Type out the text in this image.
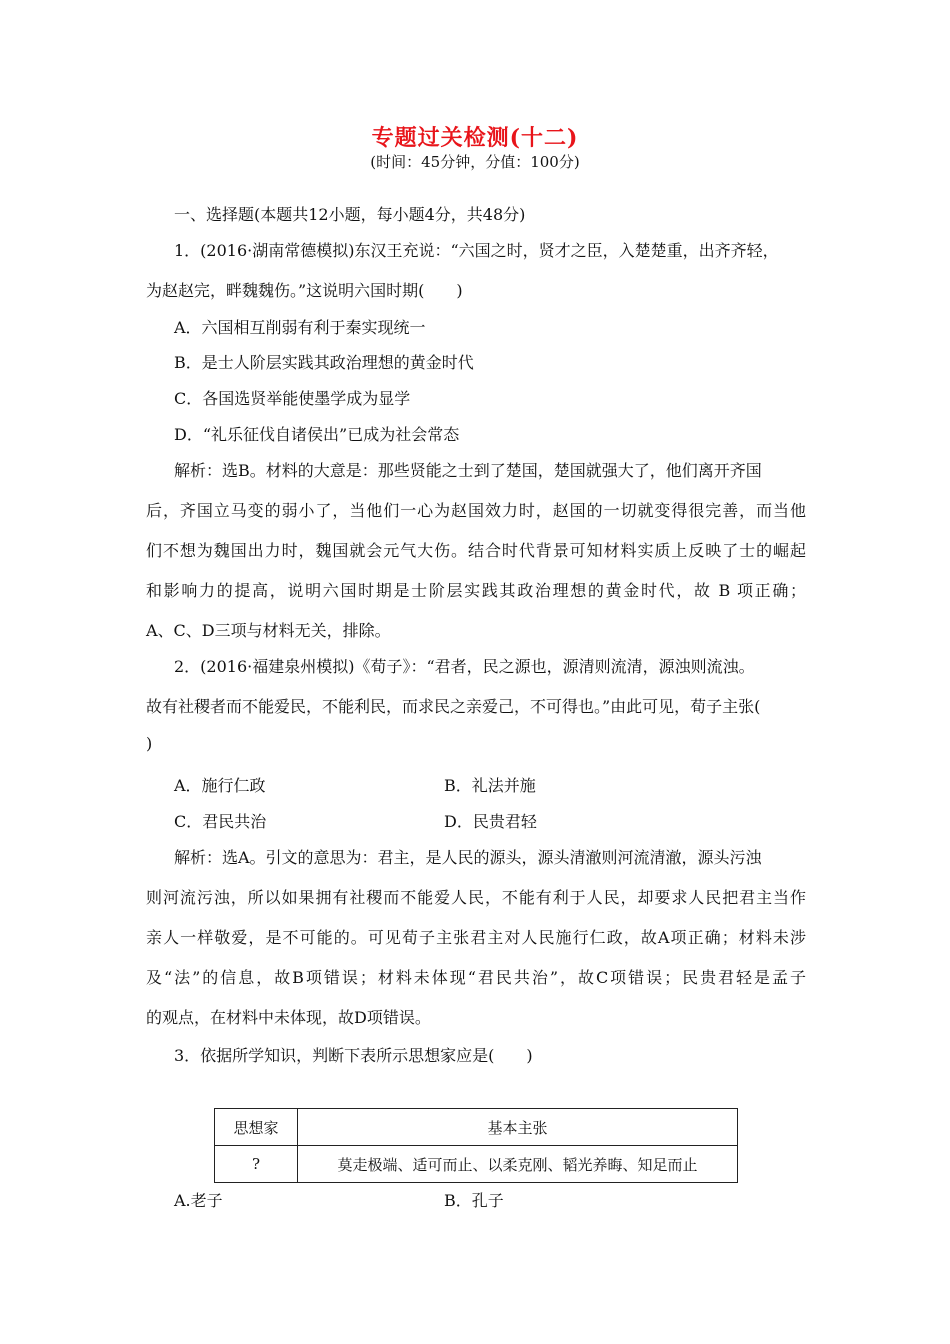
专题过关检测(十二)
(时间：45分钟，分值：100分)
一、选择题(本题共12小题，每小题4分，共48分)
1．(2016·湖南常德模拟)东汉王充说：“六国之时，贤才之臣，入楚楚重，出齐齐轻，
为赵赵完，畔魏魏伤。”这说明六国时期(　　)
A．六国相互削弱有利于秦实现统一
B．是士人阶层实践其政治理想的黄金时代
C．各国选贤举能使墨学成为显学
D．“礼乐征伐自诸侯出”已成为社会常态
解析：选B。材料的大意是：那些贤能之士到了楚国，楚国就强大了，他们离开齐国
后，齐国立马变的弱小了，当他们一心为赵国效力时，赵国的一切就变得很完善，而当他
们不想为魏国出力时，魏国就会元气大伤。结合时代背景可知材料实质上反映了士的崛起
和影响力的提高，说明六国时期是士阶层实践其政治理想的黄金时代，故 B 项正确；
A、C、D三项与材料无关，排除。
2．(2016·福建泉州模拟)《荀子》：“君者，民之源也，源清则流清，源浊则流浊。
故有社稷者而不能爱民，不能利民，而求民之亲爱己，不可得也。”由此可见，荀子主张(
)
A．施行仁政	B．礼法并施
C．君民共治	D．民贵君轻
解析：选A。引文的意思为：君主，是人民的源头，源头清澈则河流清澈，源头污浊
则河流污浊，所以如果拥有社稷而不能爱人民，不能有利于人民，却要求人民把君主当作
亲人一样敬爱，是不可能的。可见荀子主张君主对人民施行仁政，故A项正确；材料未涉
及“法”的信息，故B项错误；材料未体现“君民共治”，故C项错误；民贵君轻是孟子
的观点，在材料中未体现，故D项错误。
3．依据所学知识，判断下表所示思想家应是(　　)
思想家	基本主张
?	莫走极端、适可而止、以柔克刚、韬光养晦、知足而止
A.老子	B．孔子
